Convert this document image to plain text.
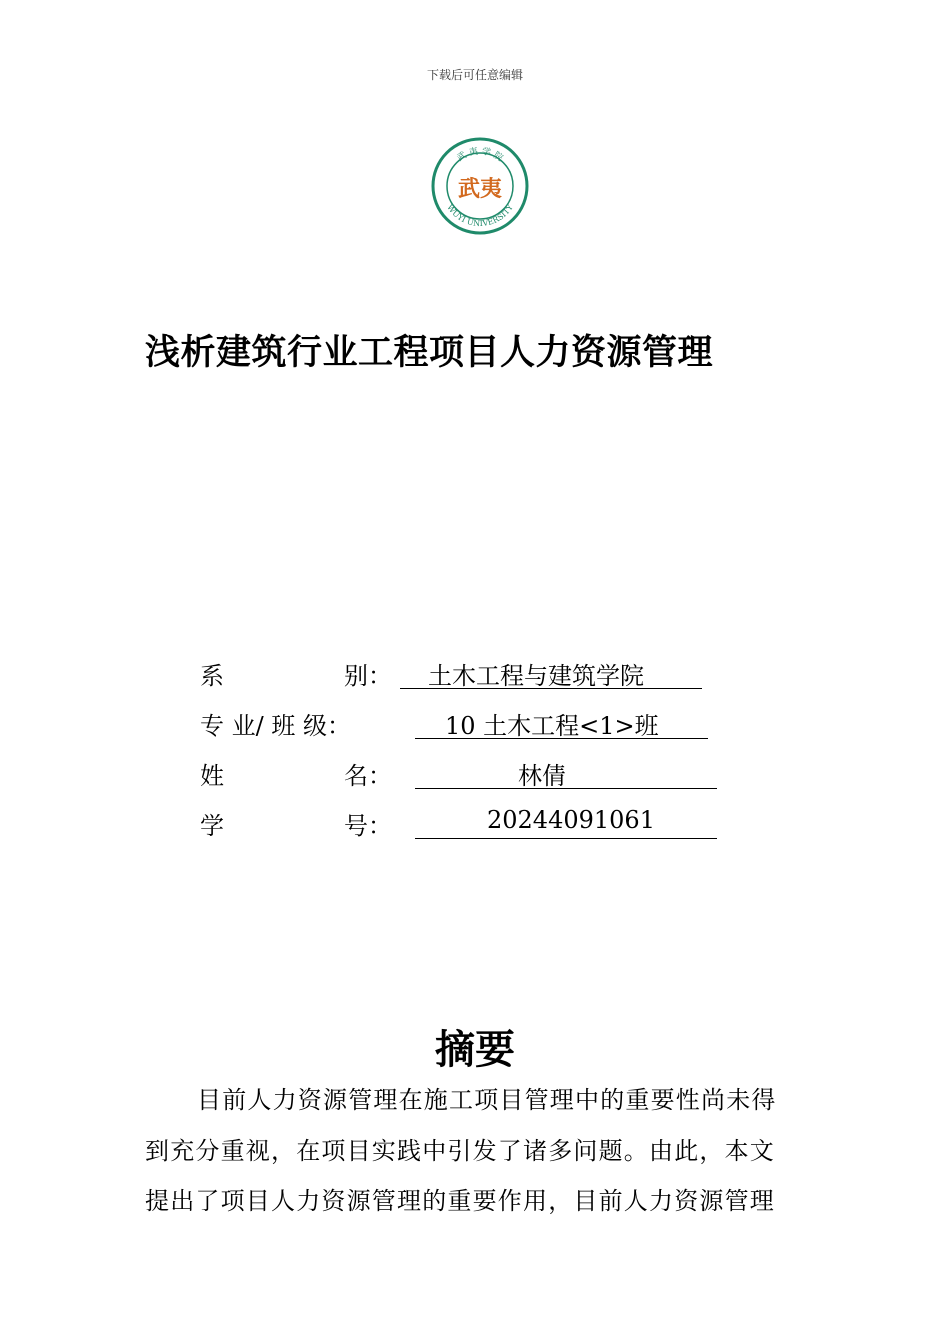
下载后可任意编辑
武 夷 学 院
WUYI UNIVERSITY
武夷
浅析建筑行业工程项目人力资源管理
系	别： 土木工程与建筑学院
专 业/ 班 级：	10 土木工程<1>班
姓	名：	林倩
学	号：	20244091061
摘要
目前人力资源管理在施工项目管理中的重要性尚未得
到充分重视，在项目实践中引发了诸多问题。由此，本文
提出了项目人力资源管理的重要作用，目前人力资源管理
